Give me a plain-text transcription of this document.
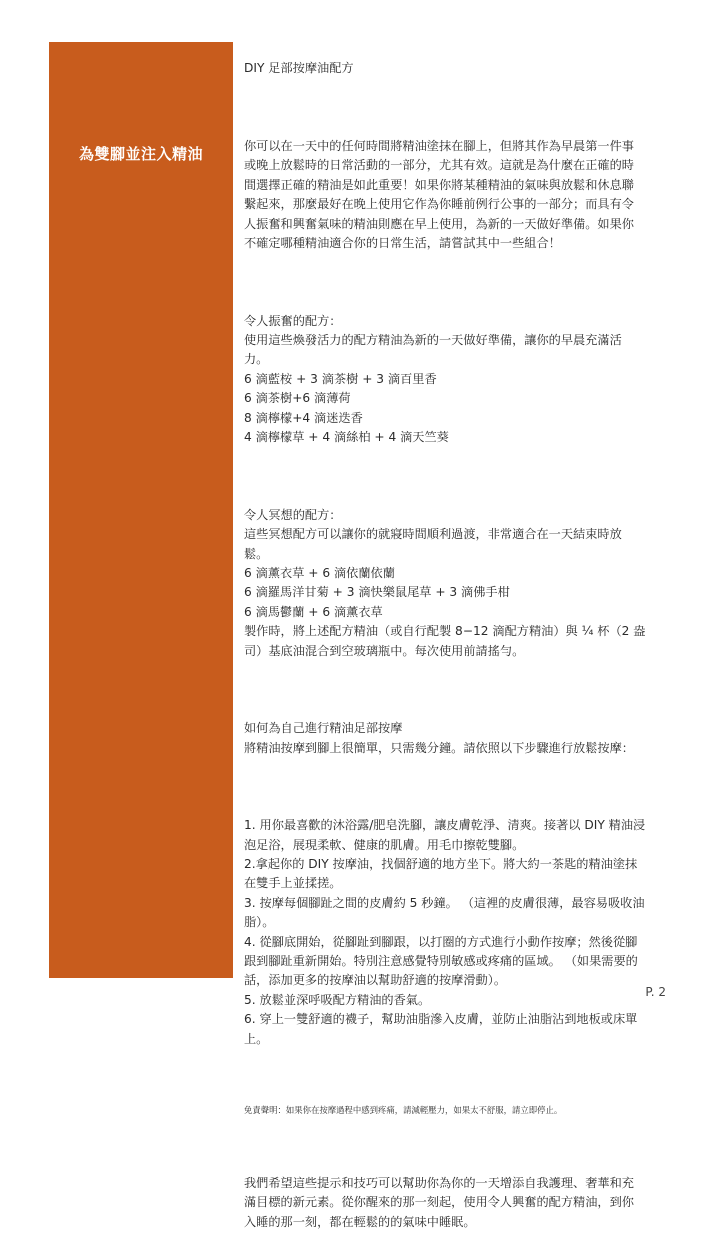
為雙腳並注入精油

DIY 足部按摩油配方

你可以在一天中的任何時間將精油塗抹在腳上，但將其作為早晨第一件事
或晚上放鬆時的日常活動的一部分，尤其有效。這就是為什麼在正確的時
間選擇正確的精油是如此重要！如果你將某種精油的氣味與放鬆和休息聯
繫起來，那麼最好在晚上使用它作為你睡前例行公事的一部分；而具有令
人振奮和興奮氣味的精油則應在早上使用，為新的一天做好準備。如果你
不確定哪種精油適合你的日常生活，請嘗試其中一些組合！

令人振奮的配方：
使用這些煥發活力的配方精油為新的一天做好準備，讓你的早晨充滿活
力。
6 滴藍桉 + 3 滴茶樹 + 3 滴百里香
6 滴茶樹+6 滴薄荷
8 滴檸檬+4 滴迷迭香
4 滴檸檬草 + 4 滴絲柏 + 4 滴天竺葵

令人冥想的配方：
這些冥想配方可以讓你的就寢時間順利過渡，非常適合在一天結束時放
鬆。
6 滴薰衣草 + 6 滴依蘭依蘭
6 滴羅馬洋甘菊 + 3 滴快樂鼠尾草 + 3 滴佛手柑
6 滴馬鬱蘭 + 6 滴薰衣草
製作時，將上述配方精油（或自行配製 8−12 滴配方精油）與 ¼ 杯（2 盎
司）基底油混合到空玻璃瓶中。每次使用前請搖勻。

如何為自己進行精油足部按摩
將精油按摩到腳上很簡單，只需幾分鐘。請依照以下步驟進行放鬆按摩：

1. 用你最喜歡的沐浴露/肥皂洗腳，讓皮膚乾淨、清爽。接著以 DIY 精油浸
泡足浴，展現柔軟、健康的肌膚。用毛巾擦乾雙腳。
2.拿起你的 DIY 按摩油，找個舒適的地方坐下。將大約一茶匙的精油塗抹
在雙手上並揉搓。
3. 按摩每個腳趾之間的皮膚約 5 秒鐘。 （這裡的皮膚很薄，最容易吸收油
脂）。
4. 從腳底開始，從腳趾到腳跟，以打圈的方式進行小動作按摩；然後從腳
跟到腳趾重新開始。特別注意感覺特別敏感或疼痛的區域。 （如果需要的
話，添加更多的按摩油以幫助舒適的按摩滑動）。
5. 放鬆並深呼吸配方精油的香氣。
6. 穿上一雙舒適的襪子，幫助油脂滲入皮膚，並防止油脂沾到地板或床單
上。

免責聲明：如果你在按摩過程中感到疼痛，請減輕壓力，如果太不舒服，請立即停止。

我們希望這些提示和技巧可以幫助你為你的一天增添自我護理、奢華和充
滿目標的新元素。從你醒來的那一刻起，使用令人興奮的配方精油，到你
入睡的那一刻，都在輕鬆的的氣味中睡眠。

P. 2
